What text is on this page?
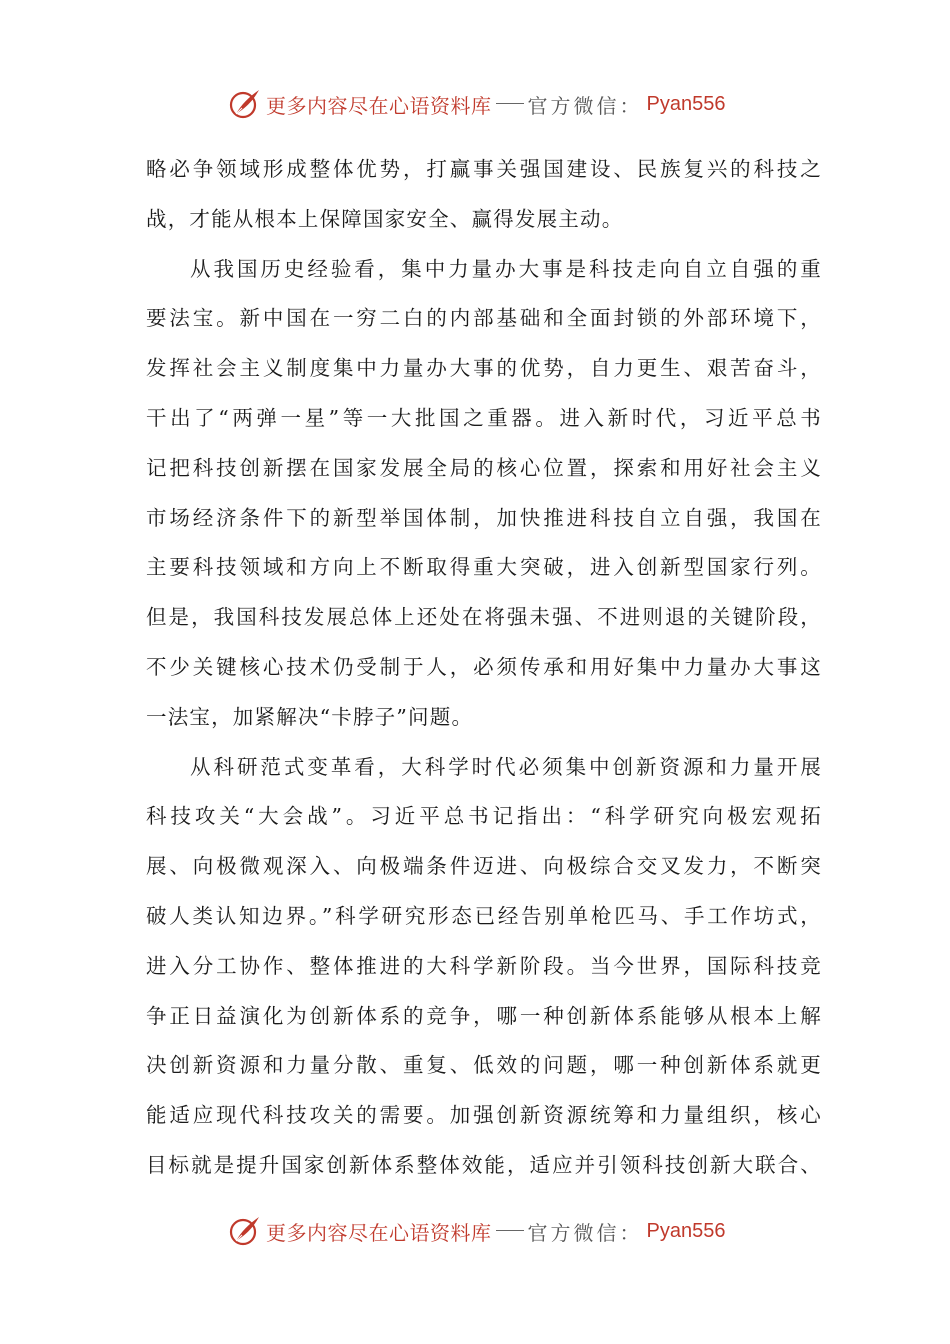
更多内容尽在心语资料库 官方微信： Pyan556
略必争领域形成整体优势，打赢事关强国建设、民族复兴的科技之
战，才能从根本上保障国家安全、赢得发展主动。
从我国历史经验看，集中力量办大事是科技走向自立自强的重
要法宝。新中国在一穷二白的内部基础和全面封锁的外部环境下，
发挥社会主义制度集中力量办大事的优势，自力更生、艰苦奋斗，
干出了“两弹一星”等一大批国之重器。进入新时代，习近平总书
记把科技创新摆在国家发展全局的核心位置，探索和用好社会主义
市场经济条件下的新型举国体制，加快推进科技自立自强，我国在
主要科技领域和方向上不断取得重大突破，进入创新型国家行列。
但是，我国科技发展总体上还处在将强未强、不进则退的关键阶段，
不少关键核心技术仍受制于人，必须传承和用好集中力量办大事这
一法宝，加紧解决“卡脖子”问题。
从科研范式变革看，大科学时代必须集中创新资源和力量开展
科技攻关“大会战”。习近平总书记指出：“科学研究向极宏观拓
展、向极微观深入、向极端条件迈进、向极综合交叉发力，不断突
破人类认知边界。”科学研究形态已经告别单枪匹马、手工作坊式，
进入分工协作、整体推进的大科学新阶段。当今世界，国际科技竞
争正日益演化为创新体系的竞争，哪一种创新体系能够从根本上解
决创新资源和力量分散、重复、低效的问题，哪一种创新体系就更
能适应现代科技攻关的需要。加强创新资源统筹和力量组织，核心
目标就是提升国家创新体系整体效能，适应并引领科技创新大联合、
更多内容尽在心语资料库 官方微信： Pyan556
